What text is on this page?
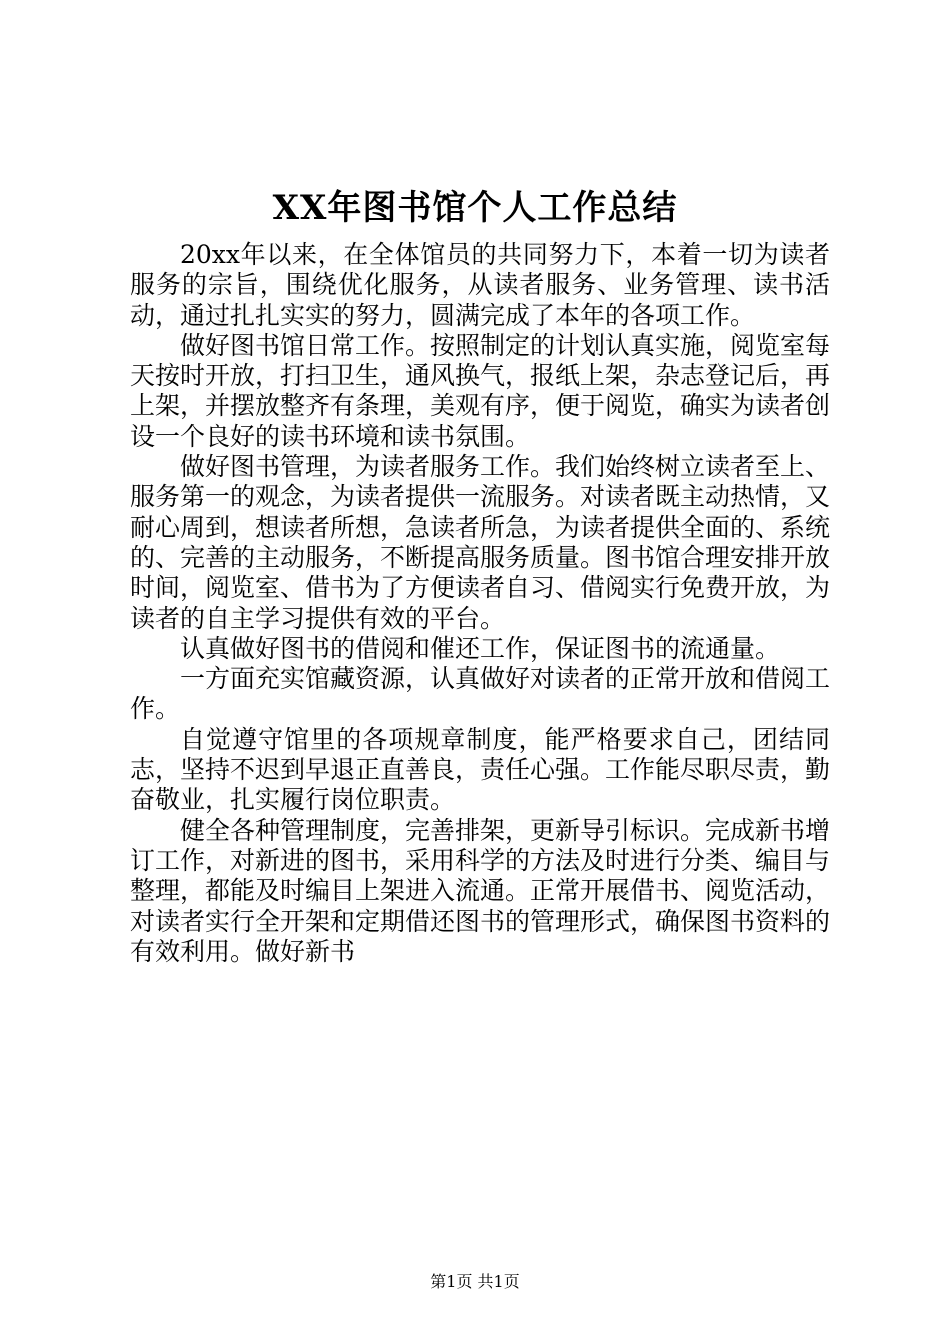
XX年图书馆个人工作总结

20xx年以来，在全体馆员的共同努力下，本着一切为读者服务的宗旨，围绕优化服务，从读者服务、业务管理、读书活动，通过扎扎实实的努力，圆满完成了本年的各项工作。

做好图书馆日常工作。按照制定的计划认真实施，阅览室每天按时开放，打扫卫生，通风换气，报纸上架，杂志登记后，再上架，并摆放整齐有条理，美观有序，便于阅览，确实为读者创设一个良好的读书环境和读书氛围。

做好图书管理，为读者服务工作。我们始终树立读者至上、服务第一的观念，为读者提供一流服务。对读者既主动热情，又耐心周到，想读者所想，急读者所急，为读者提供全面的、系统的、完善的主动服务，不断提高服务质量。图书馆合理安排开放时间，阅览室、借书为了方便读者自习、借阅实行免费开放，为读者的自主学习提供有效的平台。

认真做好图书的借阅和催还工作，保证图书的流通量。

一方面充实馆藏资源，认真做好对读者的正常开放和借阅工作。

自觉遵守馆里的各项规章制度，能严格要求自己，团结同志，坚持不迟到早退正直善良，责任心强。工作能尽职尽责，勤奋敬业，扎实履行岗位职责。

健全各种管理制度，完善排架，更新导引标识。完成新书增订工作，对新进的图书，采用科学的方法及时进行分类、编目与整理，都能及时编目上架进入流通。正常开展借书、阅览活动，对读者实行全开架和定期借还图书的管理形式，确保图书资料的有效利用。做好新书

第1页 共1页
